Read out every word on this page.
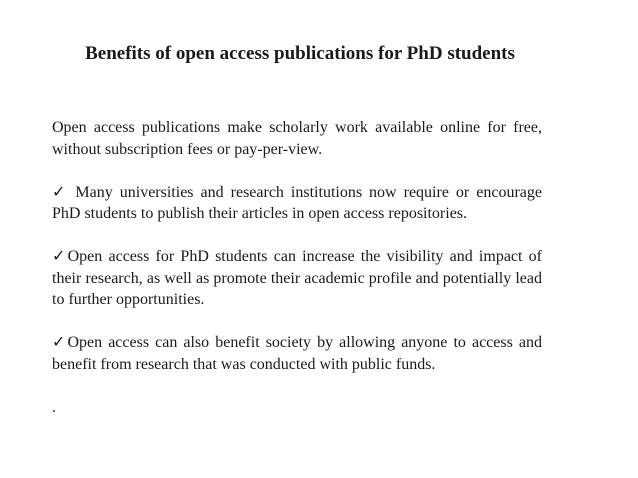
Benefits of open access publications for PhD students

Open access publications make scholarly work available online for free, without subscription fees or pay-per-view.

✓ Many universities and research institutions now require or encourage PhD students to publish their articles in open access repositories.

✓Open access for PhD students can increase the visibility and impact of their research, as well as promote their academic profile and potentially lead to further opportunities.

✓Open access can also benefit society by allowing anyone to access and benefit from research that was conducted with public funds.

.
